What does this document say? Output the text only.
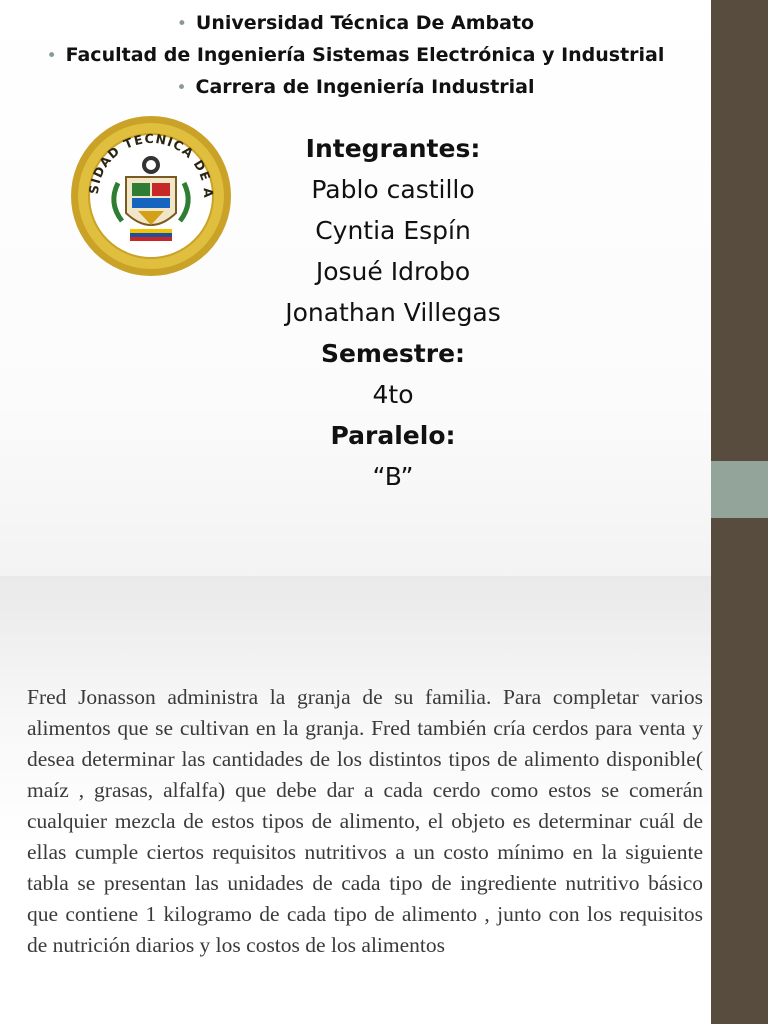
• Universidad Técnica De Ambato
• Facultad de Ingeniería Sistemas Electrónica y Industrial
• Carrera de Ingeniería Industrial
SIDAD TECNICA DE A
Integrantes:
Pablo castillo
Cyntia Espín
Josué Idrobo
Jonathan Villegas
Semestre:
4to
Paralelo:
“B”

Fred Jonasson administra la granja de su familia. Para completar varios alimentos que se cultivan en la granja. Fred también cría cerdos para venta y desea determinar las cantidades de los distintos tipos de alimento disponible( maíz , grasas, alfalfa) que debe dar a cada cerdo como estos se comerán cualquier mezcla de estos tipos de alimento, el objeto es determinar cuál de ellas cumple ciertos requisitos nutritivos a un costo mínimo en la siguiente tabla se presentan las unidades de cada tipo de ingrediente nutritivo básico que contiene 1 kilogramo de cada tipo de alimento , junto con los requisitos de nutrición diarios y los costos de los alimentos
